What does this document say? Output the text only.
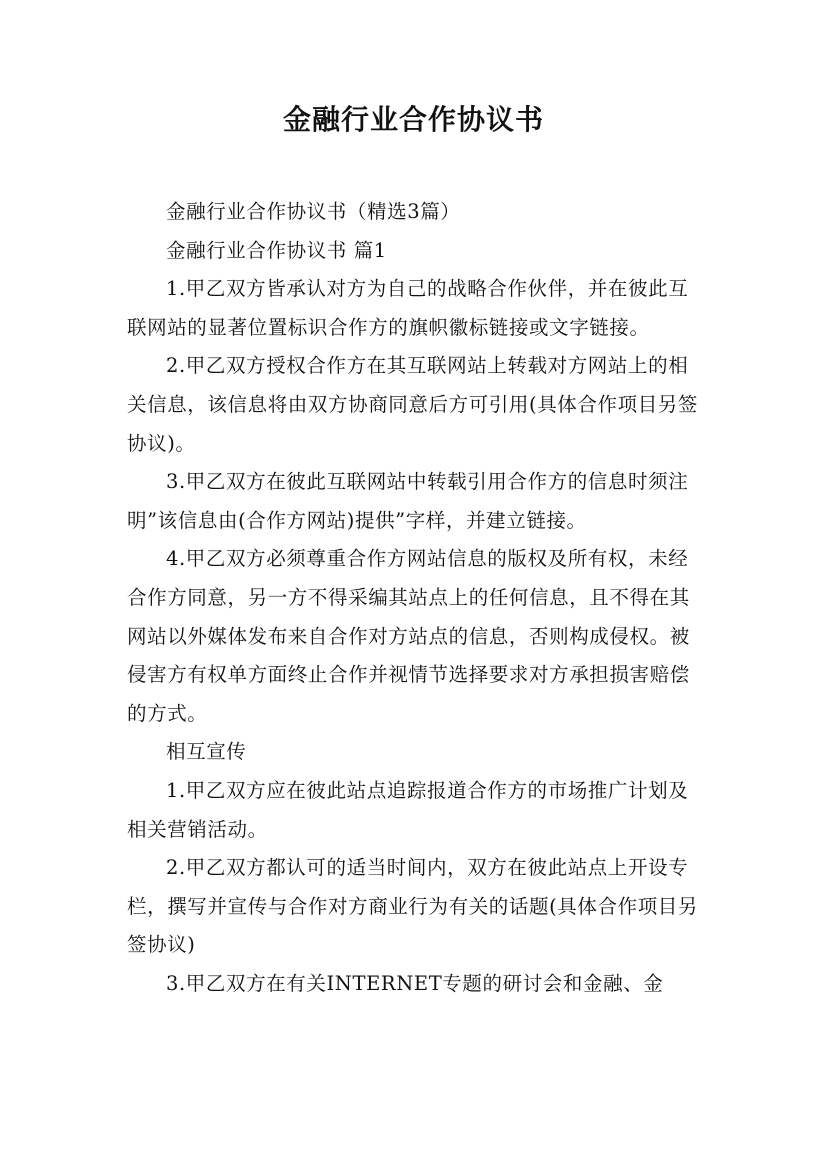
金融行业合作协议书

金融行业合作协议书（精选3篇）

金融行业合作协议书 篇1

1.甲乙双方皆承认对方为自己的战略合作伙伴，并在彼此互联网站的显著位置标识合作方的旗帜徽标链接或文字链接。

2.甲乙双方授权合作方在其互联网站上转载对方网站上的相关信息，该信息将由双方协商同意后方可引用(具体合作项目另签协议)。

3.甲乙双方在彼此互联网站中转载引用合作方的信息时须注明”该信息由(合作方网站)提供”字样，并建立链接。

4.甲乙双方必须尊重合作方网站信息的版权及所有权，未经合作方同意，另一方不得采编其站点上的任何信息，且不得在其网站以外媒体发布来自合作对方站点的信息，否则构成侵权。被侵害方有权单方面终止合作并视情节选择要求对方承担损害赔偿的方式。

相互宣传

1.甲乙双方应在彼此站点追踪报道合作方的市场推广计划及相关营销活动。

2.甲乙双方都认可的适当时间内，双方在彼此站点上开设专栏，撰写并宣传与合作对方商业行为有关的话题(具体合作项目另签协议)

3.甲乙双方在有关INTERNET专题的研讨会和金融、金
